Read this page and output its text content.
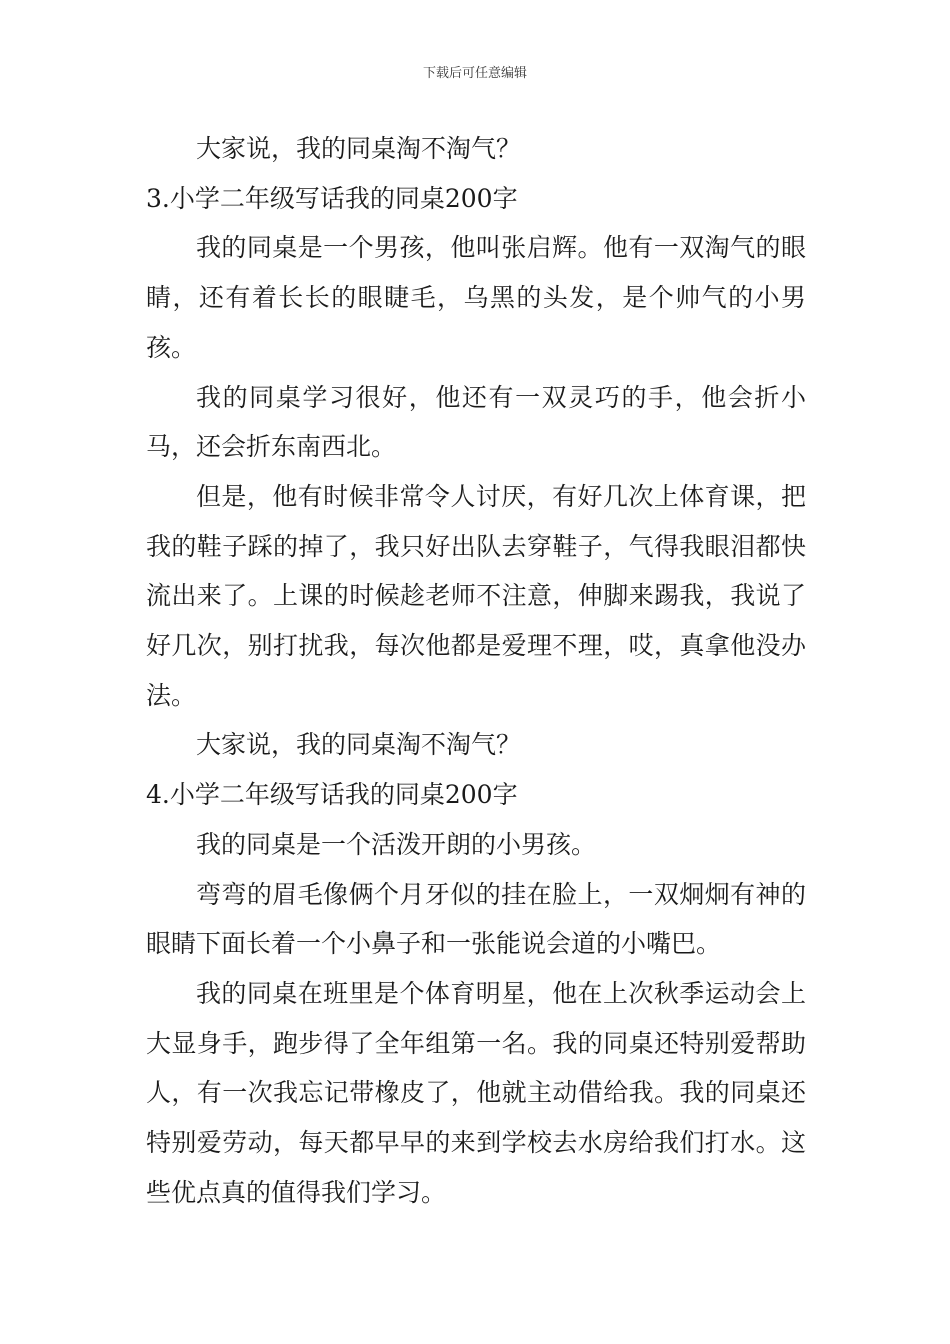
下载后可任意编辑

大家说，我的同桌淘不淘气？

3.小学二年级写话我的同桌200字

我的同桌是一个男孩，他叫张启辉。他有一双淘气的眼睛，还有着长长的眼睫毛，乌黑的头发，是个帅气的小男孩。

我的同桌学习很好，他还有一双灵巧的手，他会折小马，还会折东南西北。

但是，他有时候非常令人讨厌，有好几次上体育课，把我的鞋子踩的掉了，我只好出队去穿鞋子，气得我眼泪都快流出来了。上课的时候趁老师不注意，伸脚来踢我，我说了好几次，别打扰我，每次他都是爱理不理，哎，真拿他没办法。

大家说，我的同桌淘不淘气？

4.小学二年级写话我的同桌200字

我的同桌是一个活泼开朗的小男孩。

弯弯的眉毛像俩个月牙似的挂在脸上，一双炯炯有神的眼睛下面长着一个小鼻子和一张能说会道的小嘴巴。

我的同桌在班里是个体育明星，他在上次秋季运动会上大显身手，跑步得了全年组第一名。我的同桌还特别爱帮助人，有一次我忘记带橡皮了，他就主动借给我。我的同桌还特别爱劳动，每天都早早的来到学校去水房给我们打水。这些优点真的值得我们学习。
